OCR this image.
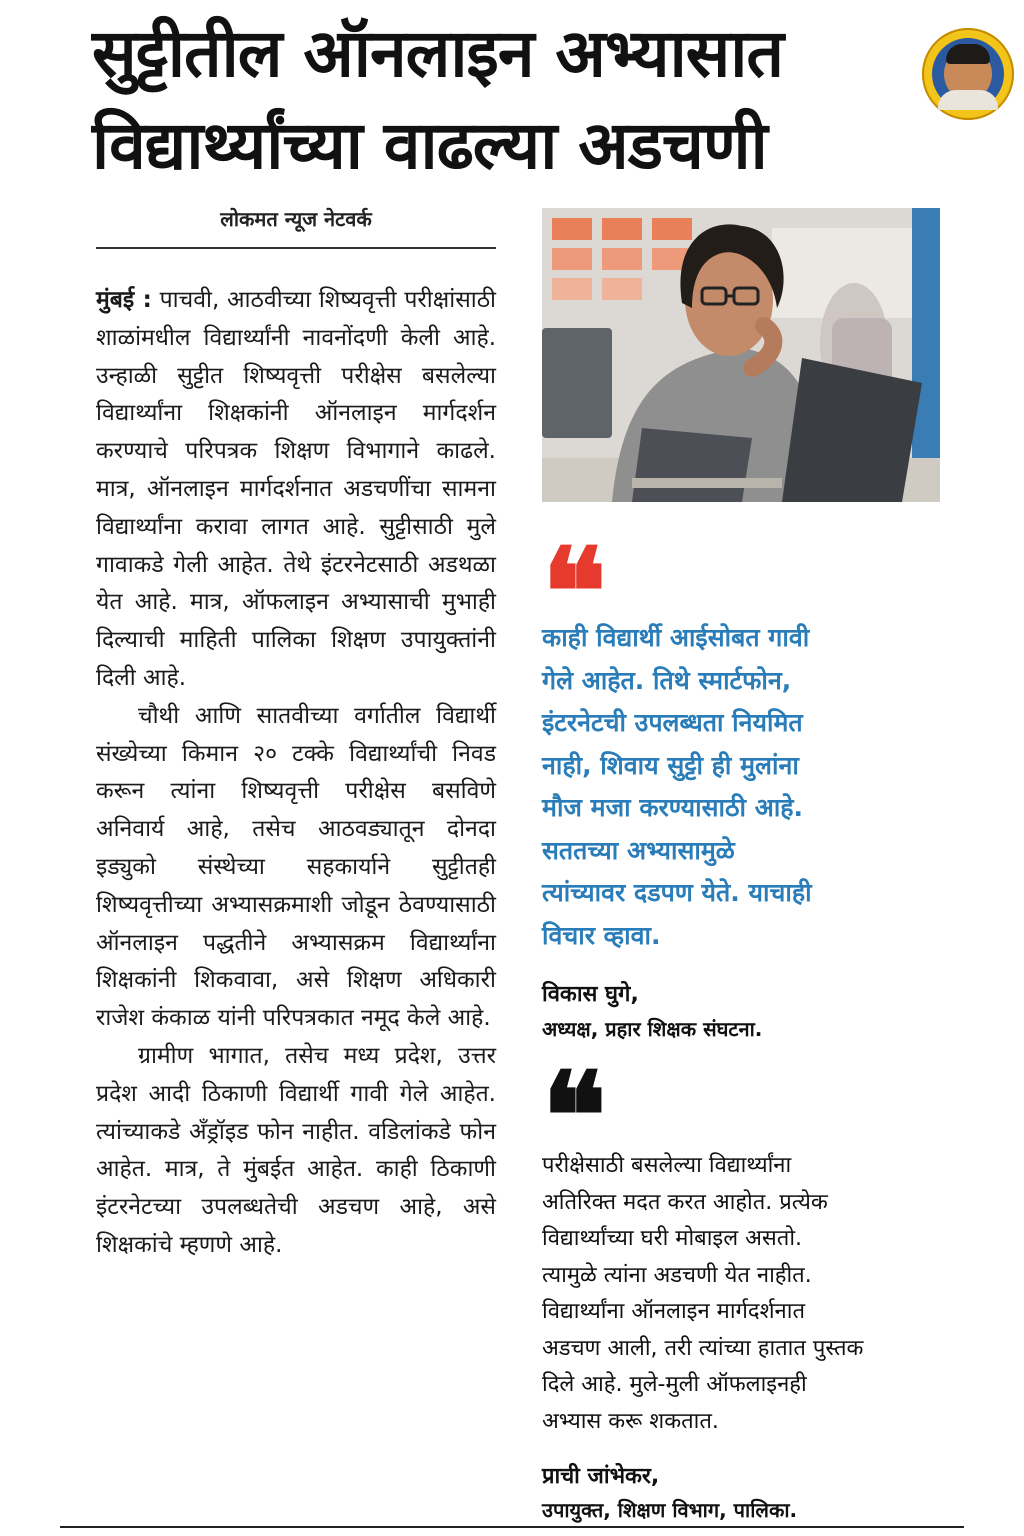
सुट्टीतील ऑनलाइन अभ्यासात
विद्यार्थ्यांच्या वाढल्या अडचणी
लोकमत न्यूज नेटवर्क

मुंबई : पाचवी, आठवीच्या शिष्यवृत्ती परीक्षांसाठी शाळांमधील विद्यार्थ्यांनी नावनोंदणी केली आहे. उन्हाळी सुट्टीत शिष्यवृत्ती परीक्षेस बसलेल्या विद्यार्थ्यांना शिक्षकांनी ऑनलाइन मार्गदर्शन करण्याचे परिपत्रक शिक्षण विभागाने काढले. मात्र, ऑनलाइन मार्गदर्शनात अडचणींचा सामना विद्यार्थ्यांना करावा लागत आहे. सुट्टीसाठी मुले गावाकडे गेली आहेत. तेथे इंटरनेटसाठी अडथळा येत आहे. मात्र, ऑफलाइन अभ्यासाची मुभाही दिल्याची माहिती पालिका शिक्षण उपायुक्तांनी दिली आहे.

चौथी आणि सातवीच्या वर्गातील विद्यार्थी संख्येच्या किमान २० टक्के विद्यार्थ्यांची निवड करून त्यांना शिष्यवृत्ती परीक्षेस बसविणे अनिवार्य आहे, तसेच आठवड्यातून दोनदा इड्युको संस्थेच्या सहकार्याने सुट्टीतही शिष्यवृत्तीच्या अभ्यासक्रमाशी जोडून ठेवण्यासाठी ऑनलाइन पद्धतीने अभ्यासक्रम विद्यार्थ्यांना शिक्षकांनी शिकवावा, असे शिक्षण अधिकारी राजेश कंकाळ यांनी परिपत्रकात नमूद केले आहे.

ग्रामीण भागात, तसेच मध्य प्रदेश, उत्तर प्रदेश आदी ठिकाणी विद्यार्थी गावी गेले आहेत. त्यांच्याकडे अँड्रॉइड फोन नाहीत. वडिलांकडे फोन आहेत. मात्र, ते मुंबईत आहेत. काही ठिकाणी इंटरनेटच्या उपलब्धतेची अडचण आहे, असे शिक्षकांचे म्हणणे आहे.

❝
काही विद्यार्थी आईसोबत गावी
गेले आहेत. तिथे स्मार्टफोन,
इंटरनेटची उपलब्धता नियमित
नाही, शिवाय सुट्टी ही मुलांना
मौज मजा करण्यासाठी आहे.
सततच्या अभ्यासामुळे
त्यांच्यावर दडपण येते. याचाही
विचार व्हावा.
विकास घुगे,
अध्यक्ष, प्रहार शिक्षक संघटना.
❝
परीक्षेसाठी बसलेल्या विद्यार्थ्यांना
अतिरिक्त मदत करत आहोत. प्रत्येक
विद्यार्थ्यांच्या घरी मोबाइल असतो.
त्यामुळे त्यांना अडचणी येत नाहीत.
विद्यार्थ्यांना ऑनलाइन मार्गदर्शनात
अडचण आली, तरी त्यांच्या हातात पुस्तक
दिले आहे. मुले-मुली ऑफलाइनही
अभ्यास करू शकतात.
प्राची जांभेकर,
उपायुक्त, शिक्षण विभाग, पालिका.
